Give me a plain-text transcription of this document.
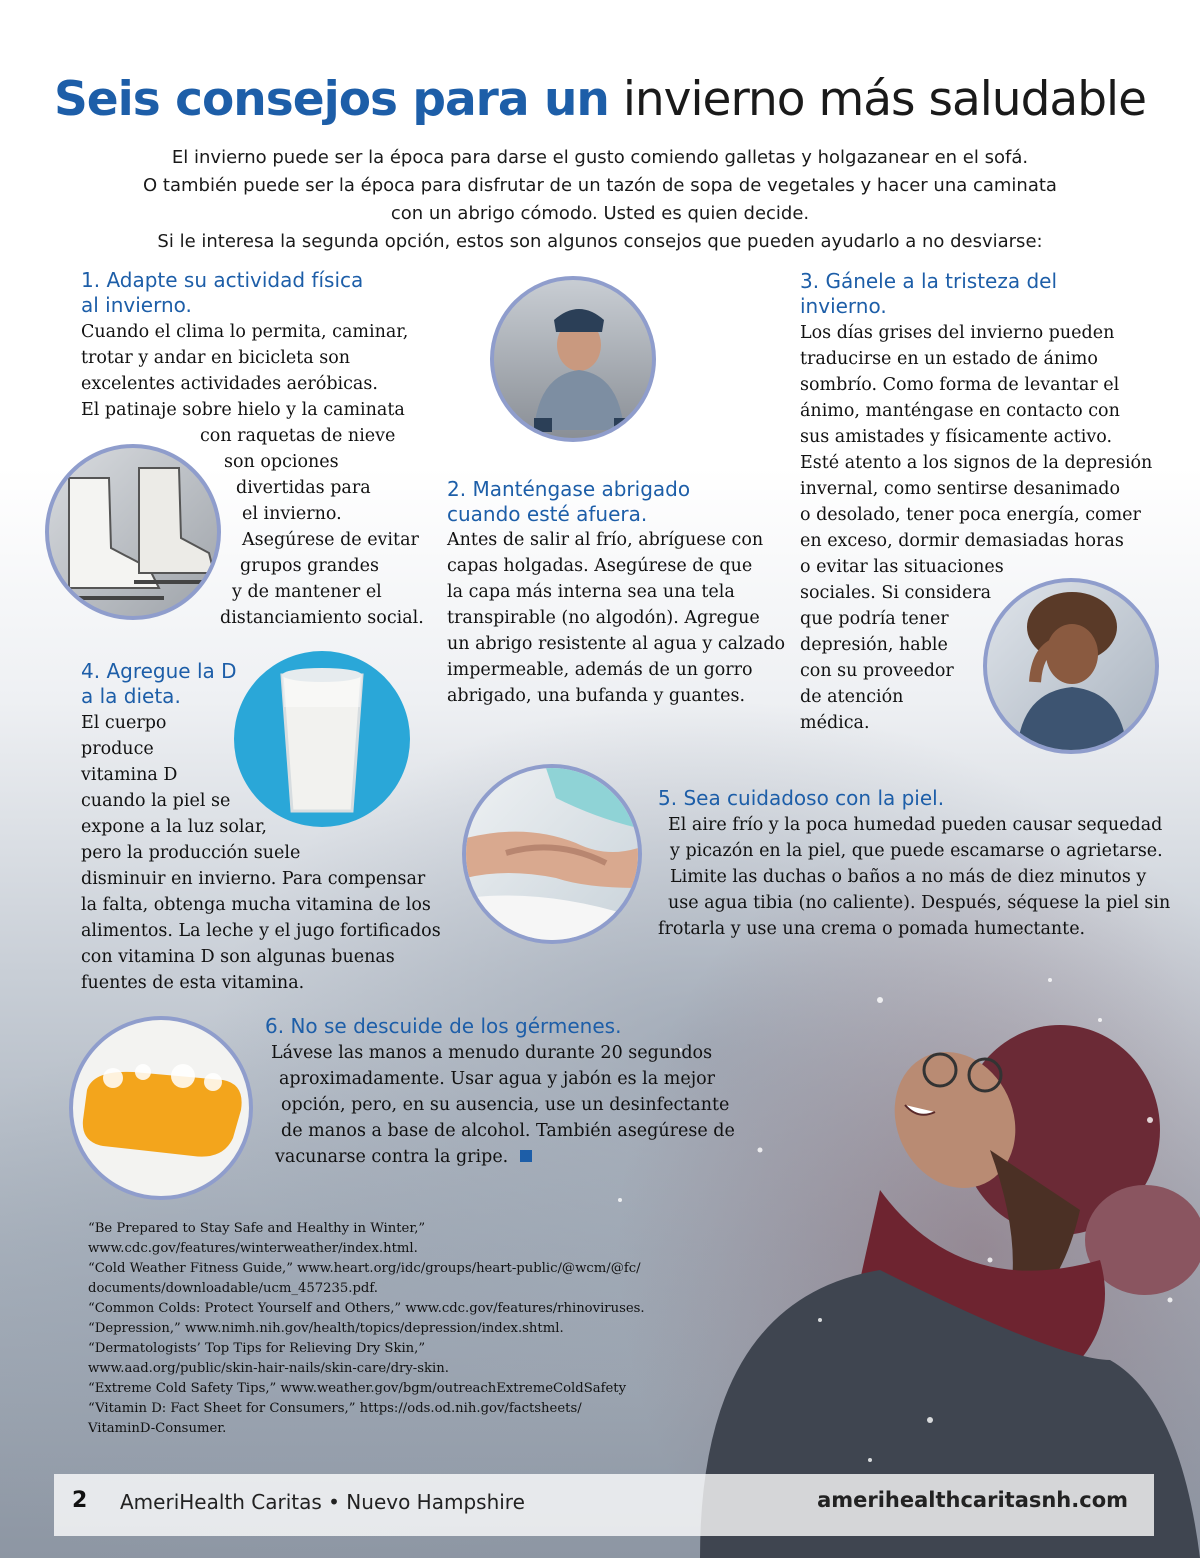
Seis consejos para un invierno más saludable
El invierno puede ser la época para darse el gusto comiendo galletas y holgazanear en el sofá.
O también puede ser la época para disfrutar de un tazón de sopa de vegetales y hacer una caminata
con un abrigo cómodo. Usted es quien decide.
Si le interesa la segunda opción, estos son algunos consejos que pueden ayudarlo a no desviarse:
1. Adapte su actividad física
al invierno.
Cuando el clima lo permita, caminar,
trotar y andar en bicicleta son
excelentes actividades aeróbicas.
El patinaje sobre hielo y la caminata
con raquetas de nieve
son opciones
divertidas para
el invierno.
Asegúrese de evitar
grupos grandes
y de mantener el
distanciamiento social.
2. Manténgase abrigado
cuando esté afuera.
Antes de salir al frío, abríguese con
capas holgadas. Asegúrese de que
la capa más interna sea una tela
transpirable (no algodón). Agregue
un abrigo resistente al agua y calzado
impermeable, además de un gorro
abrigado, una bufanda y guantes.
3. Gánele a la tristeza del
invierno.
Los días grises del invierno pueden
traducirse en un estado de ánimo
sombrío. Como forma de levantar el
ánimo, manténgase en contacto con
sus amistades y físicamente activo.
Esté atento a los signos de la depresión
invernal, como sentirse desanimado
o desolado, tener poca energía, comer
en exceso, dormir demasiadas horas
o evitar las situaciones
sociales. Si considera
que podría tener
depresión, hable
con su proveedor
de atención
médica.
4. Agregue la D
a la dieta.
El cuerpo
produce
vitamina D
cuando la piel se
expone a la luz solar,
pero la producción suele
disminuir en invierno. Para compensar
la falta, obtenga mucha vitamina de los
alimentos. La leche y el jugo fortificados
con vitamina D son algunas buenas
fuentes de esta vitamina.
5. Sea cuidadoso con la piel.
El aire frío y la poca humedad pueden causar sequedad
y picazón en la piel, que puede escamarse o agrietarse.
Limite las duchas o baños a no más de diez minutos y
use agua tibia (no caliente). Después, séquese la piel sin
frotarla y use una crema o pomada humectante.
6. No se descuide de los gérmenes.
Lávese las manos a menudo durante 20 segundos
aproximadamente. Usar agua y jabón es la mejor
opción, pero, en su ausencia, use un desinfectante
de manos a base de alcohol. También asegúrese de
vacunarse contra la gripe.
“Be Prepared to Stay Safe and Healthy in Winter,”
www.cdc.gov/features/winterweather/index.html.
“Cold Weather Fitness Guide,” www.heart.org/idc/groups/heart-public/@wcm/@fc/
documents/downloadable/ucm_457235.pdf.
“Common Colds: Protect Yourself and Others,” www.cdc.gov/features/rhinoviruses.
“Depression,” www.nimh.nih.gov/health/topics/depression/index.shtml.
“Dermatologists’ Top Tips for Relieving Dry Skin,”
www.aad.org/public/skin-hair-nails/skin-care/dry-skin.
“Extreme Cold Safety Tips,” www.weather.gov/bgm/outreachExtremeColdSafety
“Vitamin D: Fact Sheet for Consumers,” https://ods.od.nih.gov/factsheets/
VitaminD-Consumer.
2 AmeriHealth Caritas • Nuevo Hampshire	amerihealthcaritasnh.com
